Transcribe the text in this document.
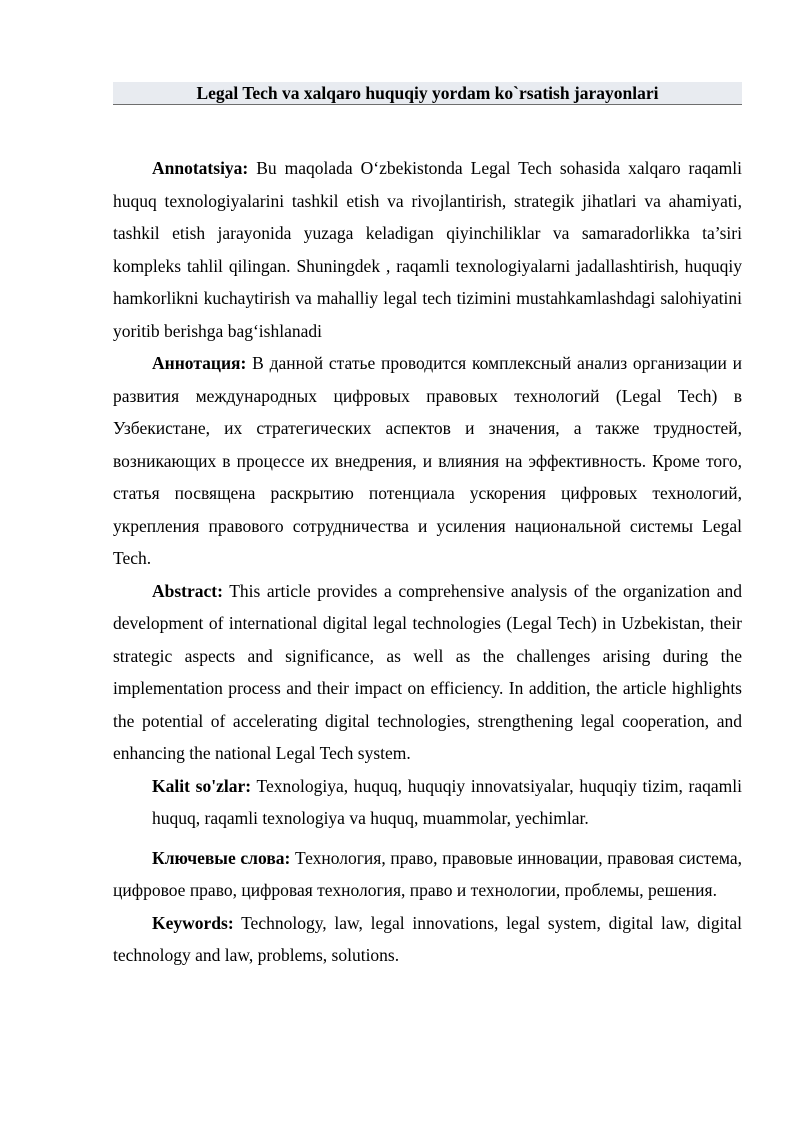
Legal Tech va xalqaro huquqiy yordam ko`rsatish jarayonlari

Annotatsiya: Bu maqolada O‘zbekistonda Legal Tech sohasida xalqaro raqamli huquq texnologiyalarini tashkil etish va rivojlantirish, strategik jihatlari va ahamiyati, tashkil etish jarayonida yuzaga keladigan qiyinchiliklar va samaradorlikka ta’siri kompleks tahlil qilingan. Shuningdek , raqamli texnologiyalarni jadallashtirish, huquqiy hamkorlikni kuchaytirish va mahalliy legal tech tizimini mustahkamlashdagi salohiyatini yoritib berishga bag‘ishlanadi

Аннотация: В данной статье проводится комплексный анализ организации и развития международных цифровых правовых технологий (Legal Tech) в Узбекистане, их стратегических аспектов и значения, а также трудностей, возникающих в процессе их внедрения, и влияния на эффективность. Кроме того, статья посвящена раскрытию потенциала ускорения цифровых технологий, укрепления правового сотрудничества и усиления национальной системы Legal Tech.

Abstract: This article provides a comprehensive analysis of the organization and development of international digital legal technologies (Legal Tech) in Uzbekistan, their strategic aspects and significance, as well as the challenges arising during the implementation process and their impact on efficiency. In addition, the article highlights the potential of accelerating digital technologies, strengthening legal cooperation, and enhancing the national Legal Tech system.

Kalit so'zlar: Texnologiya, huquq, huquqiy innovatsiyalar, huquqiy tizim, raqamli huquq, raqamli texnologiya va huquq, muammolar, yechimlar.

Ключевые слова: Технология, право, правовые инновации, правовая система, цифровое право, цифровая технология, право и технологии, проблемы, решения.

Keywords: Technology, law, legal innovations, legal system, digital law, digital technology and law, problems, solutions.
